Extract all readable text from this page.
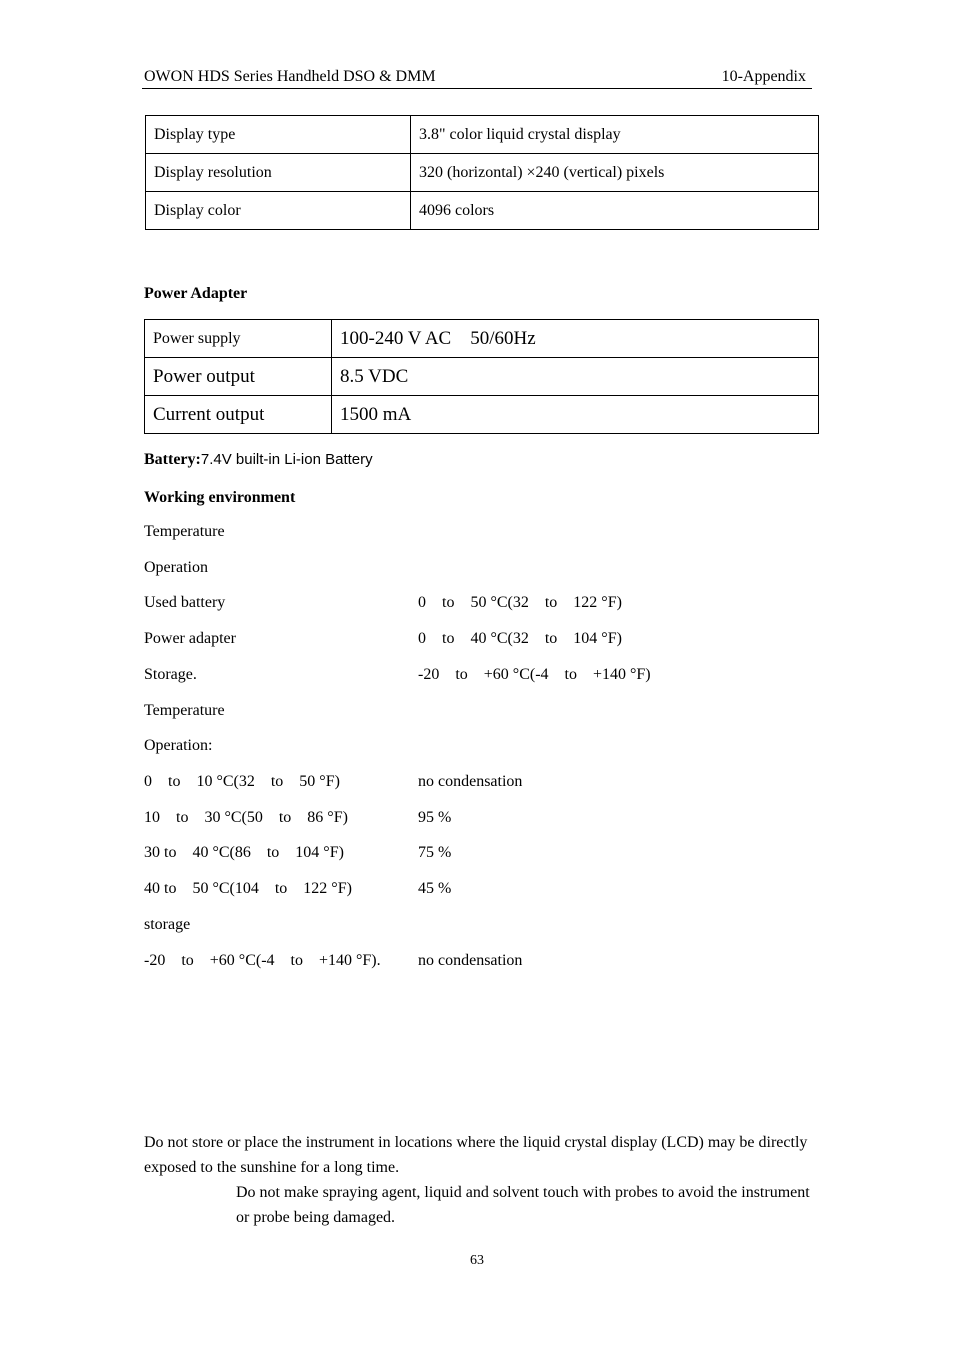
OWON HDS Series Handheld DSO & DMM	10-Appendix
Display type	3.8" color liquid crystal display
Display resolution	320 (horizontal) ×240 (vertical) pixels
Display color	4096 colors
Power Adapter
Power supply	100-240 V AC    50/60Hz
Power output	8.5 VDC
Current output	1500 mA
Battery:7.4V built-in Li-ion Battery
Working environment
Temperature
Operation
Used battery	0    to    50 °C(32    to    122 °F)
Power adapter	0    to    40 °C(32    to    104 °F)
Storage.	-20    to    +60 °C(-4    to    +140 °F)
Temperature
Operation:
0    to    10 °C(32    to    50 °F)	no condensation
10    to    30 °C(50    to    86 °F)	95 %
30 to    40 °C(86    to    104 °F)	75 %
40 to    50 °C(104    to    122 °F)	45 %
storage
-20    to    +60 °C(-4    to    +140 °F). no condensation
Do not store or place the instrument in locations where the liquid crystal display (LCD) may be directly exposed to the sunshine for a long time.
Do not make spraying agent, liquid and solvent touch with probes to avoid the instrument or probe being damaged.
63
